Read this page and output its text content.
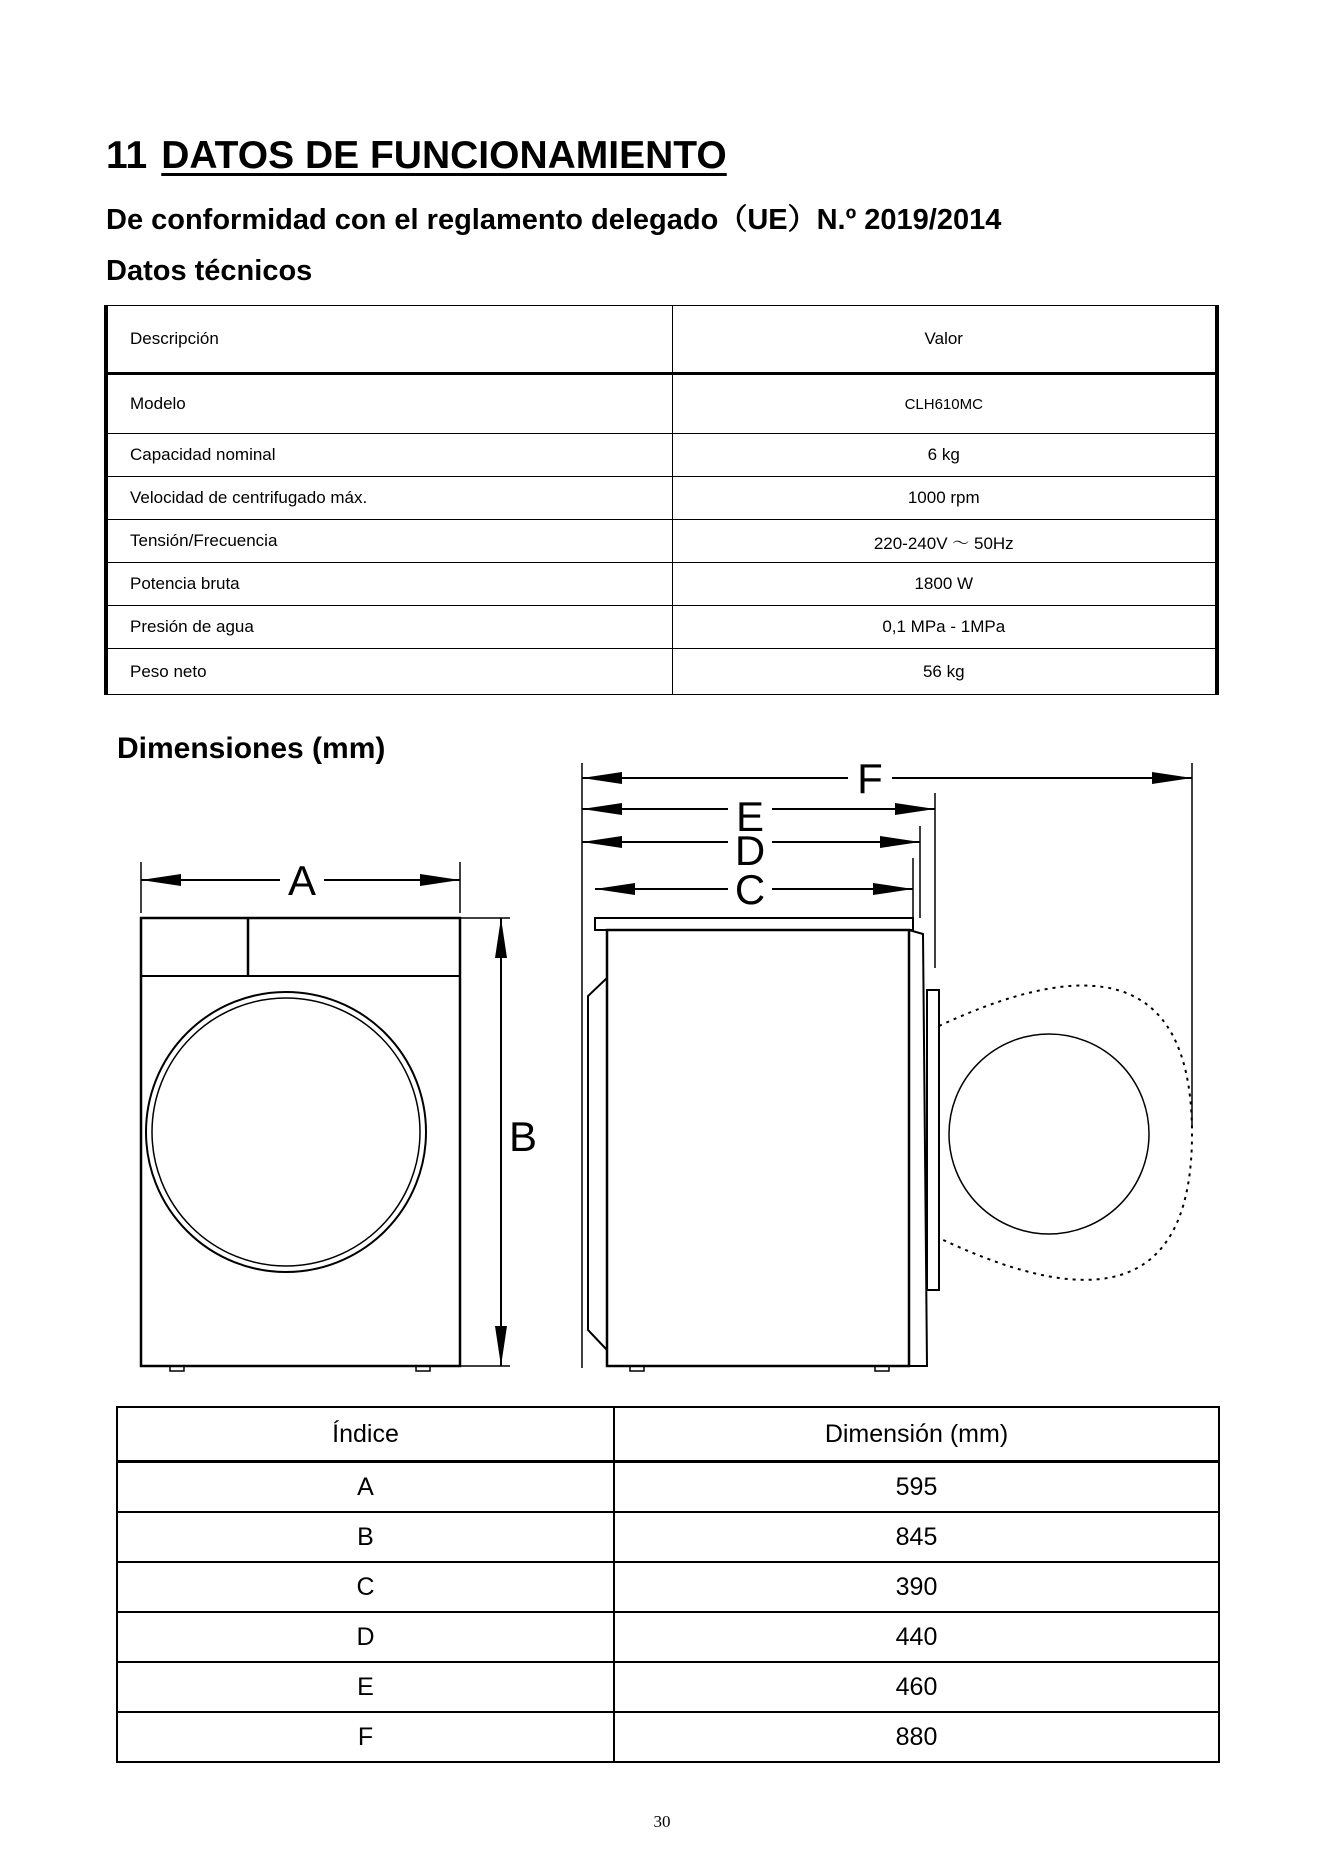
11 DATOS DE FUNCIONAMIENTO
De conformidad con el reglamento delegado（UE）N.º 2019/2014
Datos técnicos
Descripción	Valor
Modelo	CLH610MC
Capacidad nominal	6 kg
Velocidad de centrifugado máx.	1000 rpm
Tensión/Frecuencia	220-240V ～ 50Hz
Potencia bruta	1800 W
Presión de agua	0,1 MPa - 1MPa
Peso neto	56 kg
Dimensiones (mm)
A
B
F
E
D
C
Índice	Dimensión (mm)
A	595
B	845
C	390
D	440
E	460
F	880
30
